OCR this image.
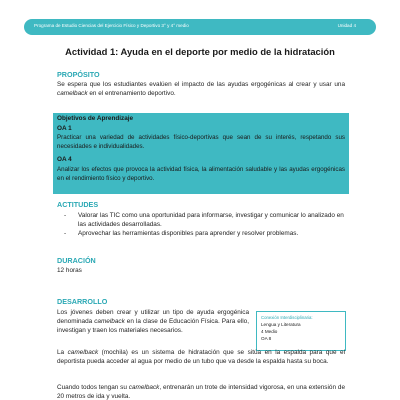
Programa de Estudio Ciencias del Ejercicio Físico y Deportivo 3° y 4° medio	Unidad 4
Actividad 1: Ayuda en el deporte por medio de la hidratación
PROPÓSITO
Se espera que los estudiantes evalúen el impacto de las ayudas ergogénicas al crear y usar una camelback en el entrenamiento deportivo.
Objetivos de Aprendizaje
OA 1
Practicar una variedad de actividades físico-deportivas que sean de su interés, respetando sus necesidades e individualidades.
OA 4
Analizar los efectos que provoca la actividad física, la alimentación saludable y las ayudas ergogénicas en el rendimiento físico y deportivo.
ACTITUDES
- Valorar las TIC como una oportunidad para informarse, investigar y comunicar lo analizado en las actividades desarrolladas.
- Aprovechar las herramientas disponibles para aprender y resolver problemas.
DURACIÓN
12 horas
DESARROLLO
Los jóvenes deben crear y utilizar un tipo de ayuda ergogénica denominada camelback en la clase de Educación Física. Para ello, investigan y traen los materiales necesarios.
Conexión Interdisciplinaria:
Lengua y Literatura
4 Medio
OA 8
La camelback (mochila) es un sistema de hidratación que se sitúa en la espalda para que el deportista pueda acceder al agua por medio de un tubo que va desde la espalda hasta su boca.
Cuando todos tengan su camelback, entrenarán un trote de intensidad vigorosa, en una extensión de 20 metros de ida y vuelta.
